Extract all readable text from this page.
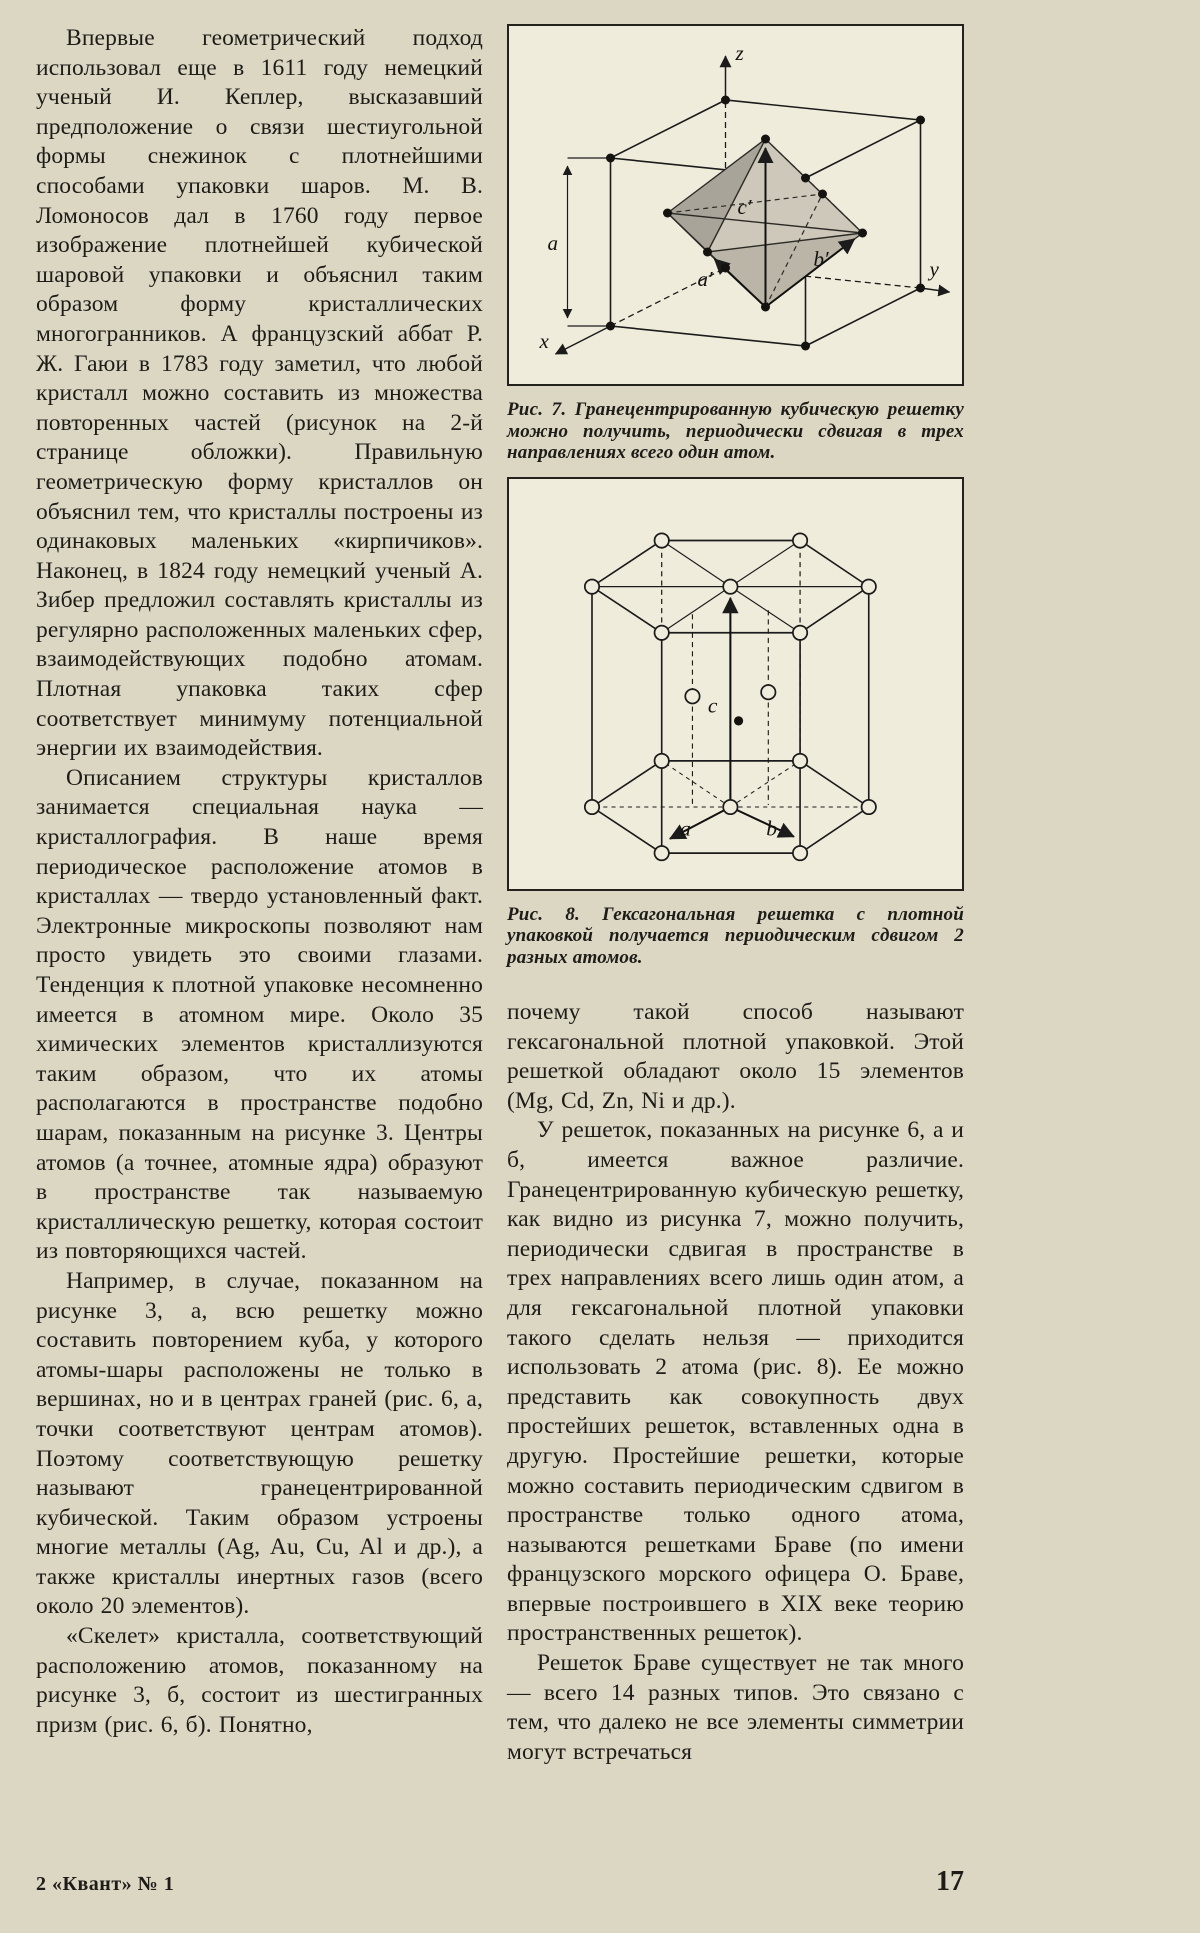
Впервые геометрический подход использовал еще в 1611 году немецкий ученый И. Кеплер, высказавший предположение о связи шестиугольной формы снежинок с плотнейшими способами упаковки шаров. М. В. Ломоносов дал в 1760 году первое изображение плотнейшей кубической шаровой упаковки и объяснил таким образом форму кристаллических многогранников. А французский аббат Р. Ж. Гаюи в 1783 году заметил, что любой кристалл можно составить из множества повторенных частей (рисунок на 2-й странице обложки). Правильную геометрическую форму кристаллов он объяснил тем, что кристаллы построены из одинаковых маленьких «кирпичиков». Наконец, в 1824 году немецкий ученый А. Зибер предложил составлять кристаллы из регулярно расположенных маленьких сфер, взаимодействующих подобно атомам. Плотная упаковка таких сфер соответствует минимуму потенциальной энергии их взаимодействия.

Описанием структуры кристаллов занимается специальная наука — кристаллография. В наше время периодическое расположение атомов в кристаллах — твердо установленный факт. Электронные микроскопы позволяют нам просто увидеть это своими глазами. Тенденция к плотной упаковке несомненно имеется в атомном мире. Около 35 химических элементов кристаллизуются таким образом, что их атомы располагаются в пространстве подобно шарам, показанным на рисунке 3. Центры атомов (а точнее, атомные ядра) образуют в пространстве так называемую кристаллическую решетку, которая состоит из повторяющихся частей.

Например, в случае, показанном на рисунке 3, а, всю решетку можно составить повторением куба, у которого атомы-шары расположены не только в вершинах, но и в центрах граней (рис. 6, а, точки соответствуют центрам атомов). Поэтому соответствующую решетку называют гранецентрированной кубической. Таким образом устроены многие металлы (Ag, Au, Cu, Al и др.), а также кристаллы инертных газов (всего около 20 элементов).

«Скелет» кристалла, соответствующий расположению атомов, показанному на рисунке 3, б, состоит из шестигранных призм (рис. 6, б). Понятно,

a
z
x
y
a′
b′
c′

Рис. 7. Гранецентрированную кубическую решетку можно получить, периодически сдвигая в трех направлениях всего один атом.

a	b
c

Рис. 8. Гексагональная решетка с плотной упаковкой получается периодическим сдвигом 2 разных атомов.

почему такой способ называют гексагональной плотной упаковкой. Этой решеткой обладают около 15 элементов (Mg, Cd, Zn, Ni и др.).

У решеток, показанных на рисунке 6, а и б, имеется важное различие. Гранецентрированную кубическую решетку, как видно из рисунка 7, можно получить, периодически сдвигая в пространстве в трех направлениях всего лишь один атом, а для гексагональной плотной упаковки такого сделать нельзя — приходится использовать 2 атома (рис. 8). Ее можно представить как совокупность двух простейших решеток, вставленных одна в другую. Простейшие решетки, которые можно составить периодическим сдвигом в пространстве только одного атома, называются решетками Браве (по имени французского морского офицера О. Браве, впервые построившего в XIX веке теорию пространственных решеток).

Решеток Браве существует не так много — всего 14 разных типов. Это связано с тем, что далеко не все элементы симметрии могут встречаться

2 «Квант» № 1	17
